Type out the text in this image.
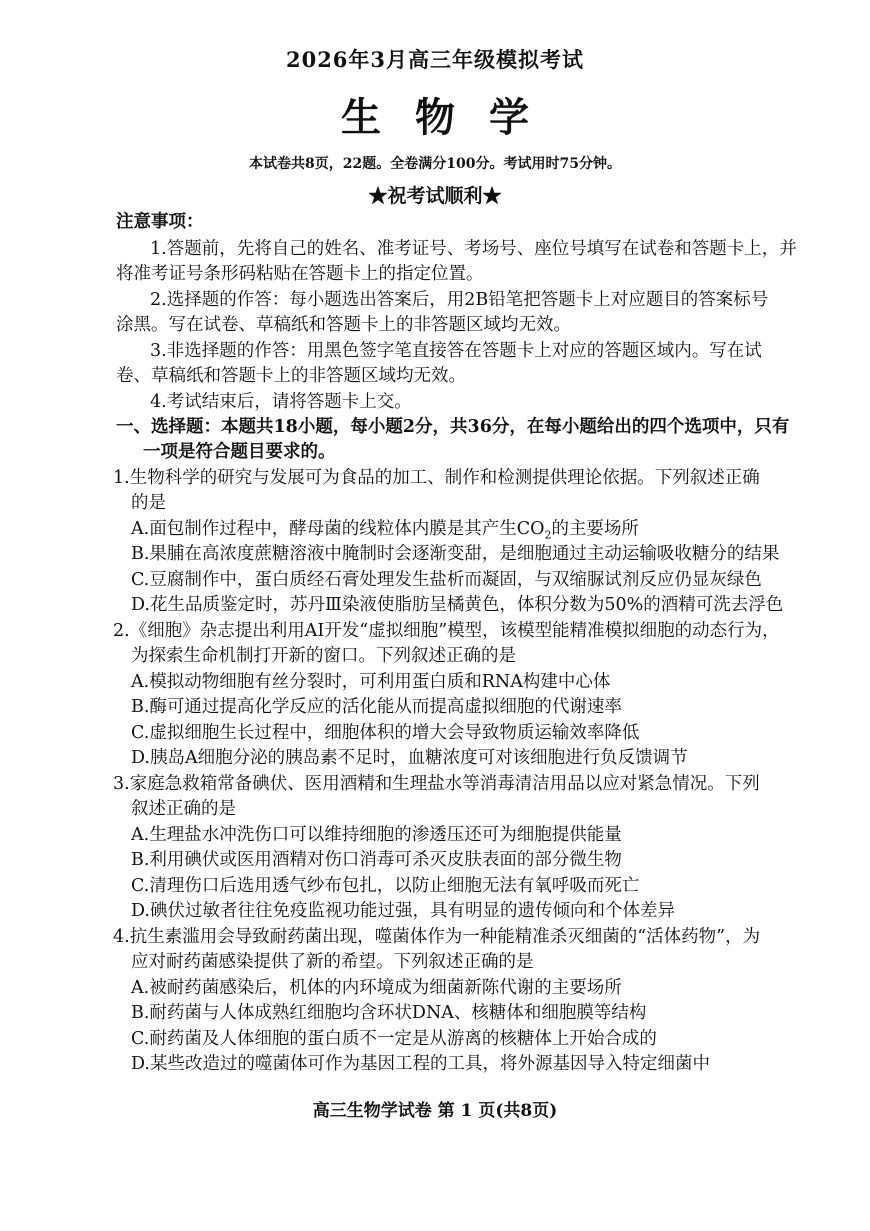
2026年3月高三年级模拟考试
生物学
本试卷共8页，22题。全卷满分100分。考试用时75分钟。
★祝考试顺利★
注意事项：
1.答题前，先将自己的姓名、准考证号、考场号、座位号填写在试卷和答题卡上，并
将准考证号条形码粘贴在答题卡上的指定位置。
2.选择题的作答：每小题选出答案后，用2B铅笔把答题卡上对应题目的答案标号
涂黑。写在试卷、草稿纸和答题卡上的非答题区域均无效。
3.非选择题的作答：用黑色签字笔直接答在答题卡上对应的答题区域内。写在试
卷、草稿纸和答题卡上的非答题区域均无效。
4.考试结束后，请将答题卡上交。
一、选择题：本题共18小题，每小题2分，共36分，在每小题给出的四个选项中，只有
一项是符合题目要求的。
1.生物科学的研究与发展可为食品的加工、制作和检测提供理论依据。下列叙述正确
的是
A.面包制作过程中，酵母菌的线粒体内膜是其产生$CO_2$的主要场所
B.果脯在高浓度蔗糖溶液中腌制时会逐渐变甜，是细胞通过主动运输吸收糖分的结果
C.豆腐制作中，蛋白质经石膏处理发生盐析而凝固，与双缩脲试剂反应仍显灰绿色
D.花生品质鉴定时，苏丹Ⅲ染液使脂肪呈橘黄色，体积分数为50%的酒精可洗去浮色
2.《细胞》杂志提出利用AI开发“虚拟细胞”模型，该模型能精准模拟细胞的动态行为，
为探索生命机制打开新的窗口。下列叙述正确的是
A.模拟动物细胞有丝分裂时，可利用蛋白质和RNA构建中心体
B.酶可通过提高化学反应的活化能从而提高虚拟细胞的代谢速率
C.虚拟细胞生长过程中，细胞体积的增大会导致物质运输效率降低
D.胰岛A细胞分泌的胰岛素不足时，血糖浓度可对该细胞进行负反馈调节
3.家庭急救箱常备碘伏、医用酒精和生理盐水等消毒清洁用品以应对紧急情况。下列
叙述正确的是
A.生理盐水冲洗伤口可以维持细胞的渗透压还可为细胞提供能量
B.利用碘伏或医用酒精对伤口消毒可杀灭皮肤表面的部分微生物
C.清理伤口后选用透气纱布包扎，以防止细胞无法有氧呼吸而死亡
D.碘伏过敏者往往免疫监视功能过强，具有明显的遗传倾向和个体差异
4.抗生素滥用会导致耐药菌出现，噬菌体作为一种能精准杀灭细菌的“活体药物”，为
应对耐药菌感染提供了新的希望。下列叙述正确的是
A.被耐药菌感染后，机体的内环境成为细菌新陈代谢的主要场所
B.耐药菌与人体成熟红细胞均含环状DNA、核糖体和细胞膜等结构
C.耐药菌及人体细胞的蛋白质不一定是从游离的核糖体上开始合成的
D.某些改造过的噬菌体可作为基因工程的工具，将外源基因导入特定细菌中
高三生物学试卷 第 1 页(共8页)
